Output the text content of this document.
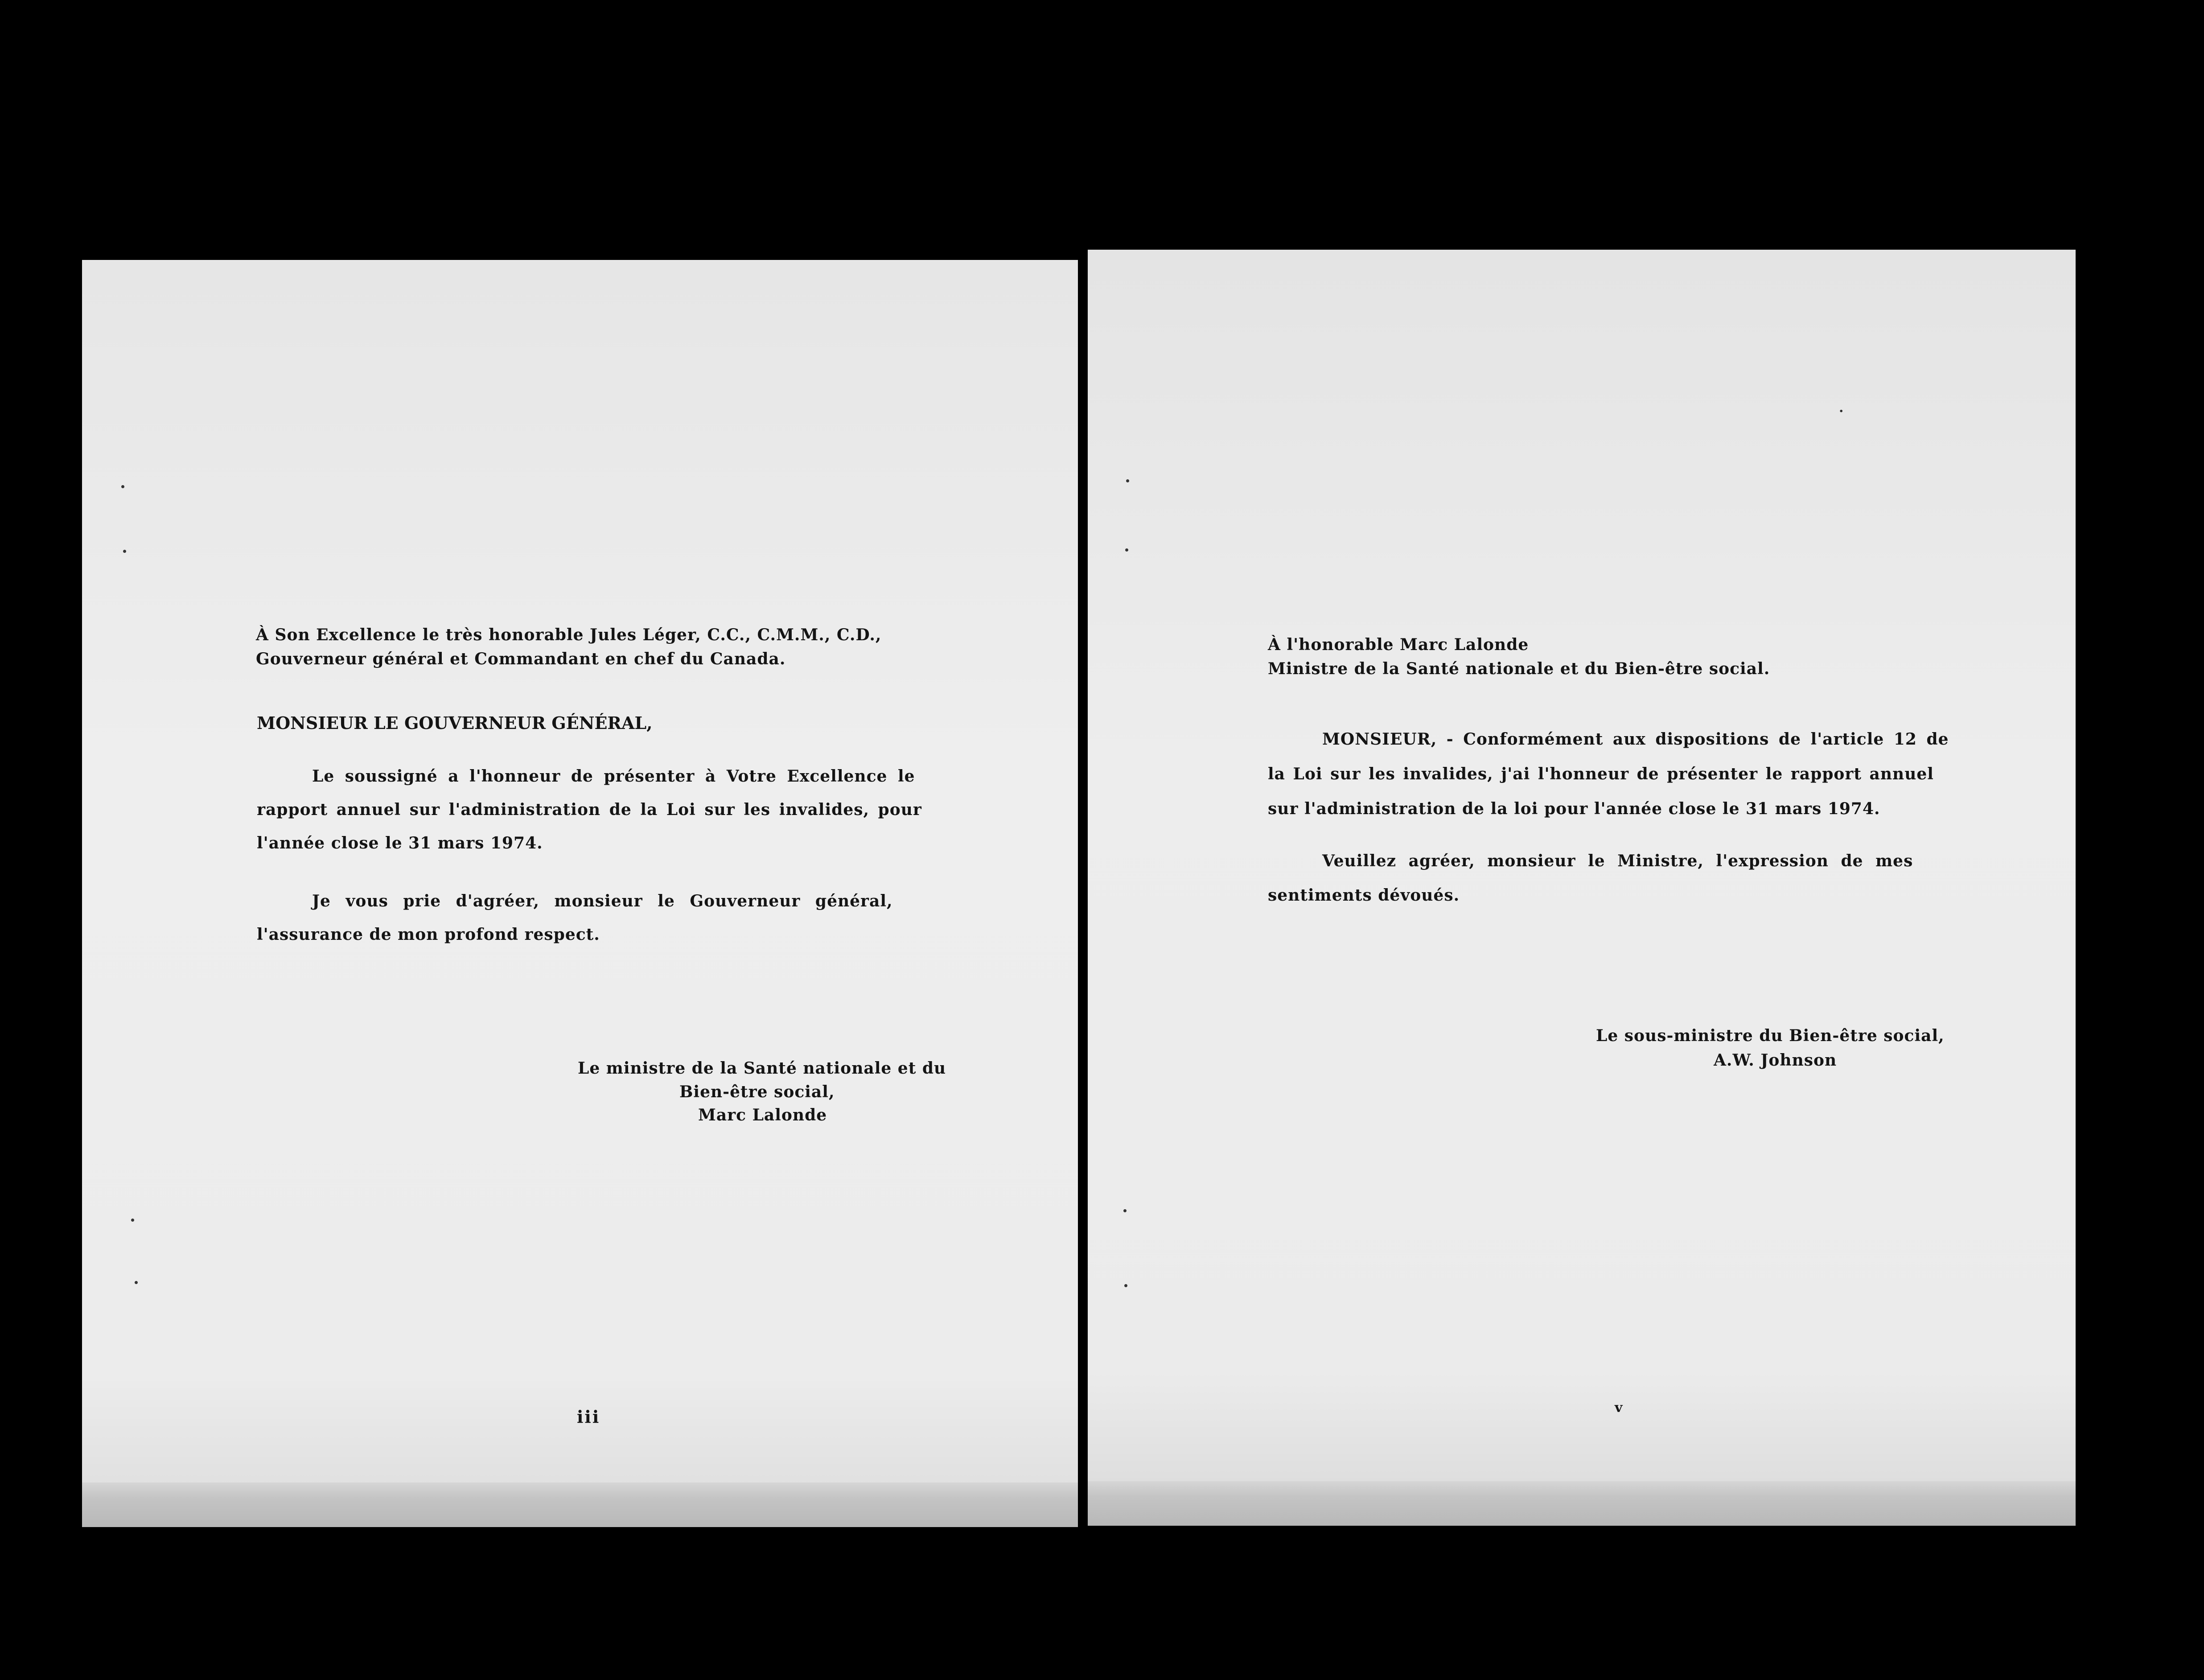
À Son Excellence le très honorable Jules Léger, C.C., C.M.M., C.D.,
Gouverneur général et Commandant en chef du Canada.
MONSIEUR LE GOUVERNEUR GÉNÉRAL,
Le soussigné a l'honneur de présenter à Votre Excellence le
rapport annuel sur l'administration de la Loi sur les invalides, pour
l'année close le 31 mars 1974.
Je vous prie d'agréer, monsieur le Gouverneur général,
l'assurance de mon profond respect.
Le ministre de la Santé nationale et du
Bien-être social,
Marc Lalonde
iii
·
À l'honorable Marc Lalonde
Ministre de la Santé nationale et du Bien-être social.
MONSIEUR, - Conformément aux dispositions de l'article 12 de
la Loi sur les invalides, j'ai l'honneur de présenter le rapport annuel
sur l'administration de la loi pour l'année close le 31 mars 1974.
Veuillez agréer, monsieur le Ministre, l'expression de mes
sentiments dévoués.
Le sous-ministre du Bien-être social,
A.W. Johnson
v
